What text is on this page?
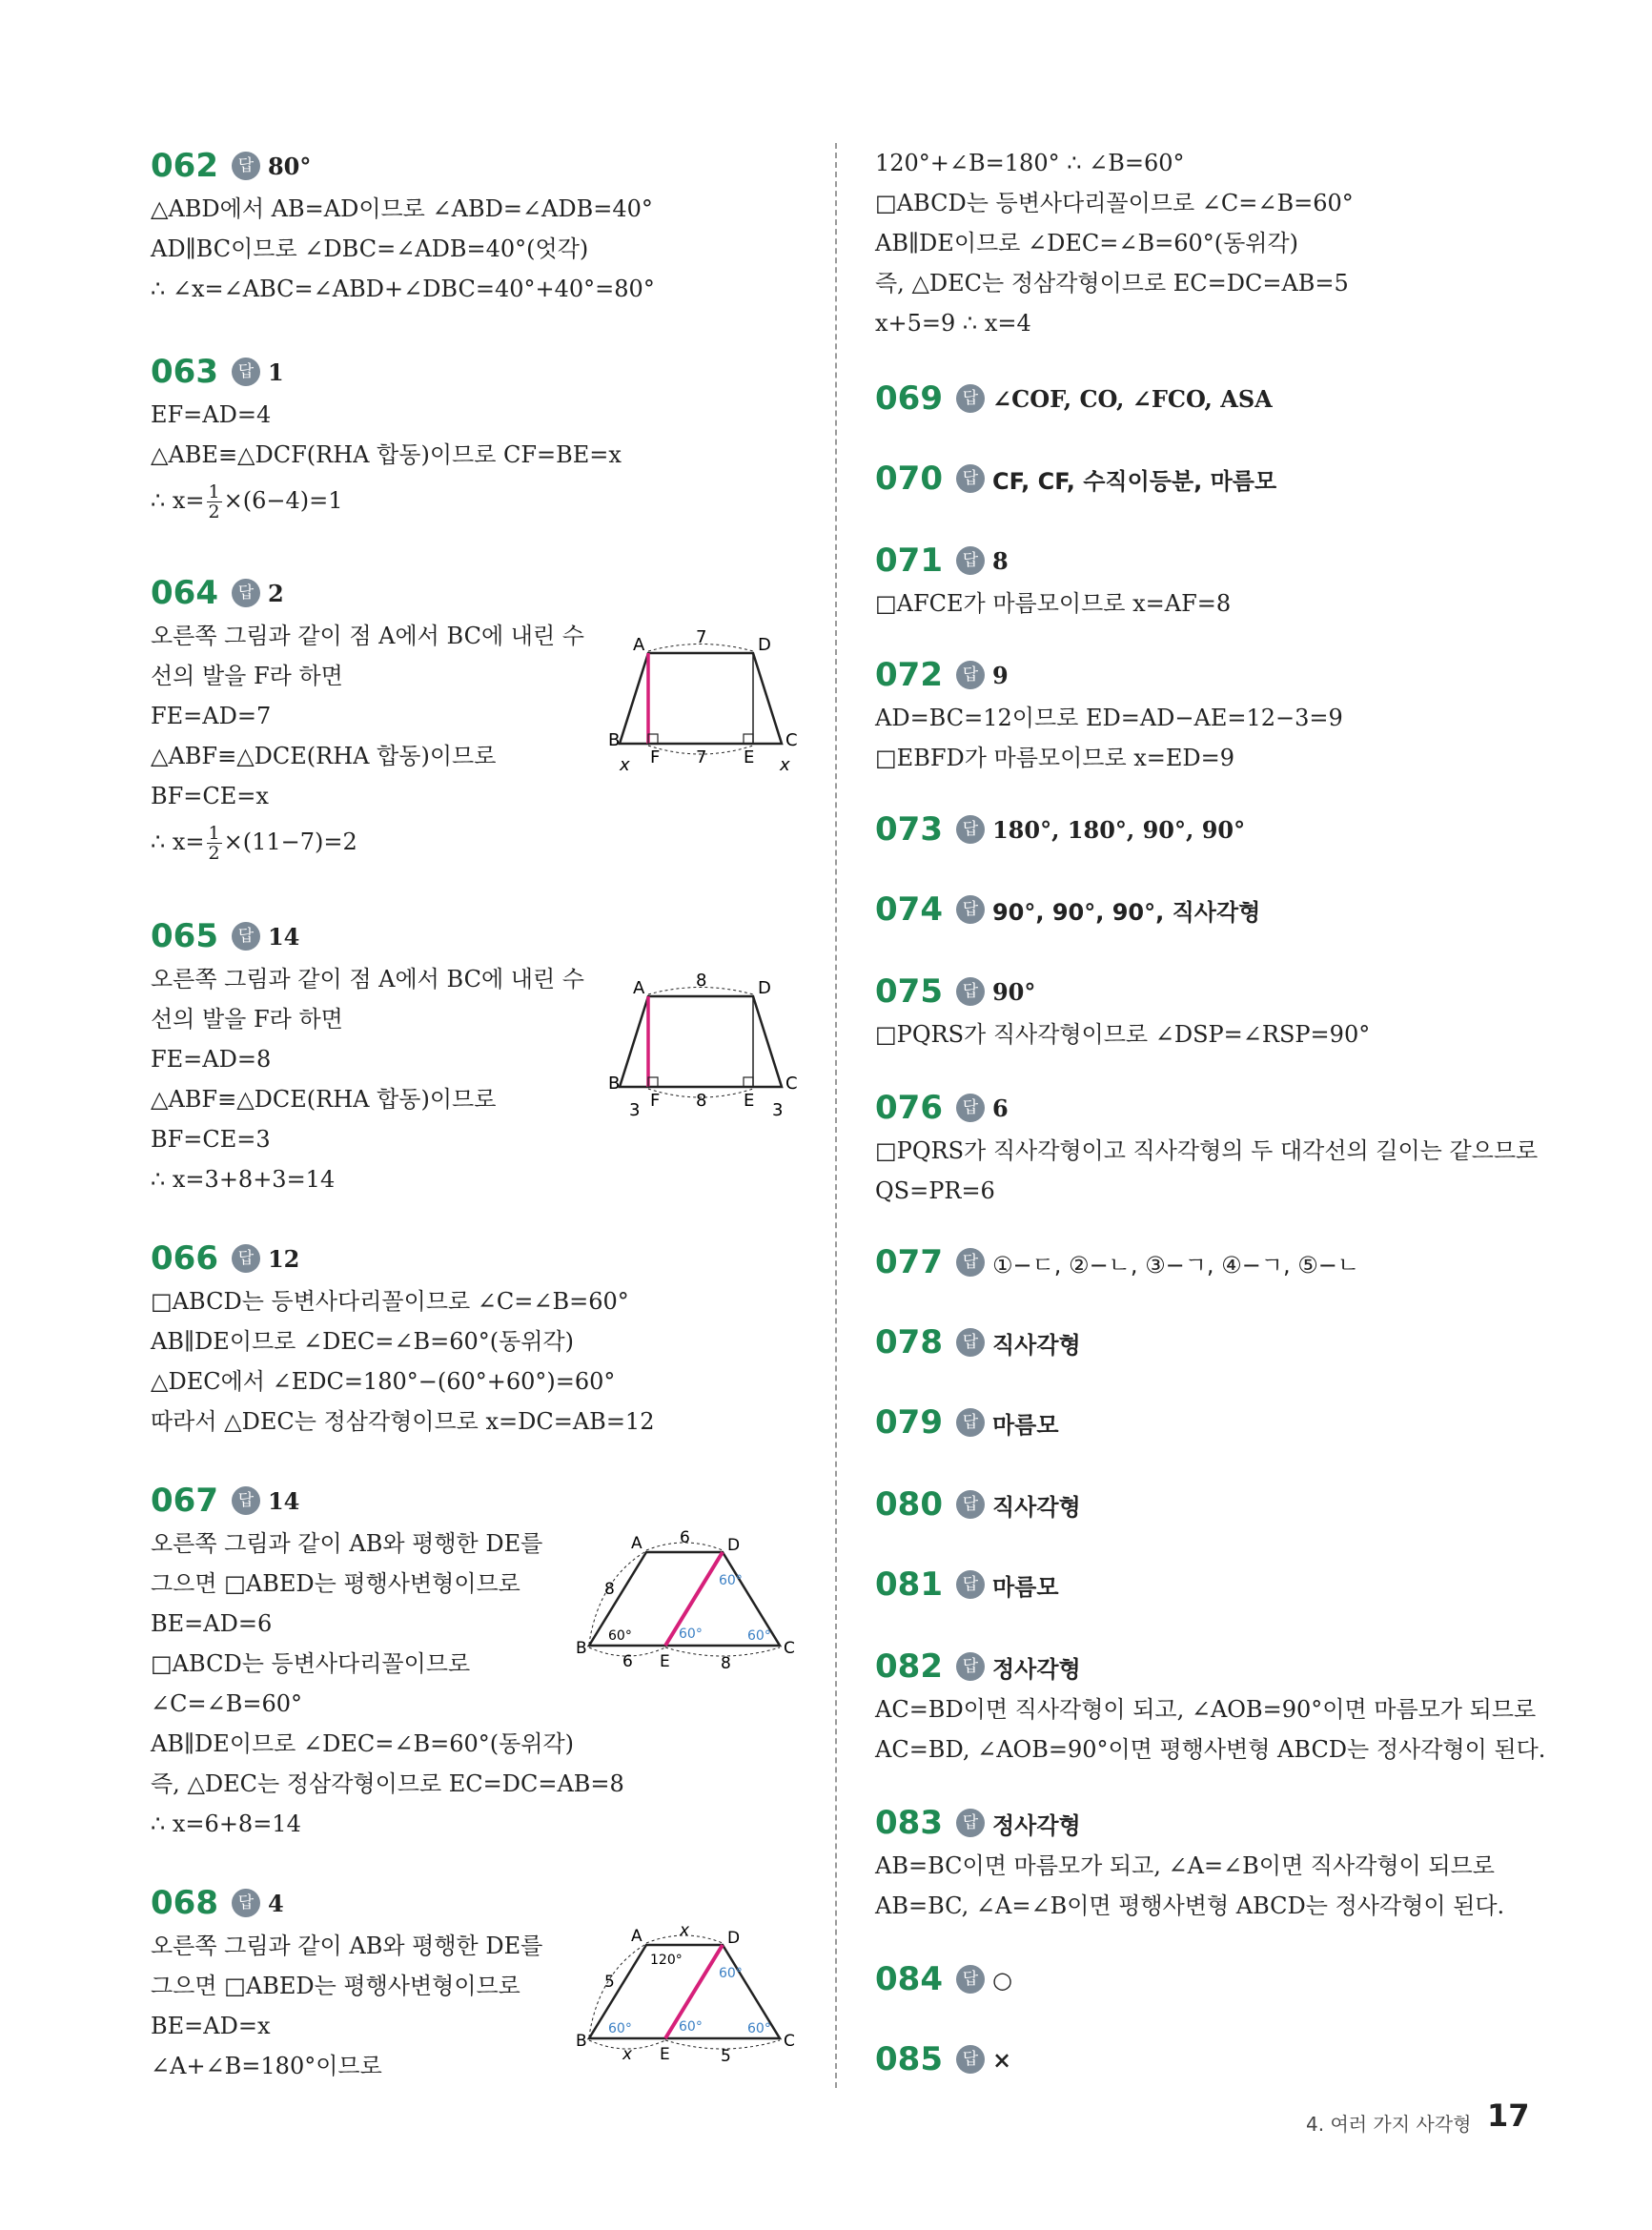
062	답 80°
△ABD에서 AB=AD이므로 ∠ABD=∠ADB=40°
AD∥BC이므로 ∠DBC=∠ADB=40°(엇각)
∴ ∠x=∠ABC=∠ABD+∠DBC=40°+40°=80°
063	답 1
EF=AD=4
△ABE≡△DCF(RHA 합동)이므로 CF=BE=x
∴ $x= \frac{1}{2} \times(6-4)=1$
064	답 2
오른쪽 그림과 같이 점 A에서 BC에 내린 수
선의 발을 F라 하면
FE=AD=7
△ABF≡△DCE(RHA 합동)이므로
BF=CE=x
∴ $x= \frac{1}{2} \times(11-7)=2$
065	답 14
오른쪽 그림과 같이 점 A에서 BC에 내린 수
선의 발을 F라 하면
FE=AD=8
△ABF≡△DCE(RHA 합동)이므로
BF=CE=3
∴ x=3+8+3=14
066	답 12
□ABCD는 등변사다리꼴이므로 ∠C=∠B=60°
AB∥DE이므로 ∠DEC=∠B=60°(동위각)
△DEC에서 ∠EDC=180°−(60°+60°)=60°
따라서 △DEC는 정삼각형이므로 x=DC=AB=12
067	답 14
오른쪽 그림과 같이 AB와 평행한 DE를
그으면 □ABED는 평행사변형이므로
BE=AD=6
□ABCD는 등변사다리꼴이므로
∠C=∠B=60°
AB∥DE이므로 ∠DEC=∠B=60°(동위각)
즉, △DEC는 정삼각형이므로 EC=DC=AB=8
∴ x=6+8=14
068	답 4
오른쪽 그림과 같이 AB와 평행한 DE를
그으면 □ABED는 평행사변형이므로
BE=AD=x
∠A+∠B=180°이므로
A	D
B	C
F	E
7
7
x	x
A	D
B	C
F	E
8
8
3	3
A	D
B	C
E
6
8
6	8
60°
60°
60°	60°
A	D
B	C
E
x
5
x	5
120°
60°
60°
60°	60°
120°+∠B=180° ∴ ∠B=60°
□ABCD는 등변사다리꼴이므로 ∠C=∠B=60°
AB∥DE이므로 ∠DEC=∠B=60°(동위각)
즉, △DEC는 정삼각형이므로 EC=DC=AB=5
x+5=9 ∴ x=4
069	답 ∠COF, CO, ∠FCO, ASA
070	답 CF, CF, 수직이등분, 마름모
071	답 8
□AFCE가 마름모이므로 x=AF=8
072	답 9
AD=BC=12이므로 ED=AD−AE=12−3=9
□EBFD가 마름모이므로 x=ED=9
073	답 180°, 180°, 90°, 90°
074	답 90°, 90°, 90°, 직사각형
075	답 90°
□PQRS가 직사각형이므로 ∠DSP=∠RSP=90°
076	답 6
□PQRS가 직사각형이고 직사각형의 두 대각선의 길이는 같으므로
QS=PR=6
077	답 ①−ㄷ, ②−ㄴ, ③−ㄱ, ④−ㄱ, ⑤−ㄴ
078	답 직사각형
079	답 마름모
080	답 직사각형
081	답 마름모
082	답 정사각형
AC=BD이면 직사각형이 되고, ∠AOB=90°이면 마름모가 되므로
AC=BD, ∠AOB=90°이면 평행사변형 ABCD는 정사각형이 된다.
083	답 정사각형
AB=BC이면 마름모가 되고, ∠A=∠B이면 직사각형이 되므로
AB=BC, ∠A=∠B이면 평행사변형 ABCD는 정사각형이 된다.
084	답 ○
085	답 ×
4. 여러 가지 사각형 17
